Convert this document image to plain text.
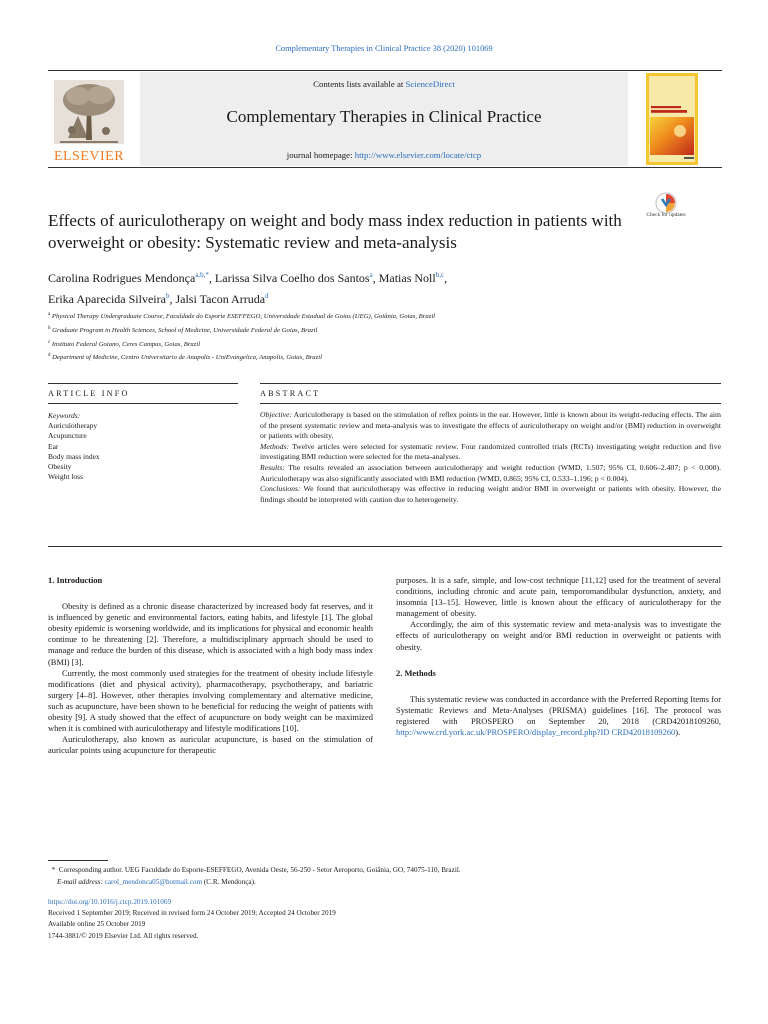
Complementary Therapies in Clinical Practice 38 (2020) 101069
ELSEVIER
Contents lists available at ScienceDirect
Complementary Therapies in Clinical Practice
journal homepage: http://www.elsevier.com/locate/ctcp
Check for updates
Effects of auriculotherapy on weight and body mass index reduction in patients with overweight or obesity: Systematic review and meta-analysis
Carolina Rodrigues Mendonça$^{a,b,*}$, Larissa Silva Coelho dos Santos$^a$, Matias Noll$^{b,c}$,
Erika Aparecida Silveira$^b$, Jalsi Tacon Arruda$^d$
$^a$ Physical Therapy Undergraduate Course, Faculdade do Esporte ESEFFEGO, Universidade Estadual de Goias (UEG), Goiânia, Goias, Brazil
$^b$ Graduate Program in Health Sciences, School of Medicine, Universidade Federal de Goias, Brazil
$^c$ Instituto Federal Goiano, Ceres Campus, Goias, Brazil
$^d$ Department of Medicine, Centro Universitario de Anapolis - UniEvangelica, Anapolis, Goias, Brazil
ARTICLE INFO	ABSTRACT
Keywords:
Auriculotherapy
Acupuncture
Ear
Body mass index
Obesity
Weight loss

Objective: Auriculotherapy is based on the stimulation of reflex points in the ear. However, little is known about its weight-reducing effects. The aim of the present systematic review and meta-analysis was to investigate the effects of auriculotherapy on weight and/or (BMI) reduction in overweight or patients with obesity.

Methods: Twelve articles were selected for systematic review. Four randomized controlled trials (RCTs) investigating weight reduction and five investigating BMI reduction were selected for the meta-analyses.

Results: The results revealed an association between auriculotherapy and weight reduction (WMD, 1.507; 95% CI, 0.606–2.407; p < 0.000). Auriculotherapy was also significantly associated with BMI reduction (WMD, 0.865; 95% CI, 0.533–1.196; p < 0.004).

Conclusions: We found that auriculotherapy was effective in reducing weight and/or BMI in overweight or patients with obesity. However, the findings should be interpreted with caution due to heterogeneity.

1. Introduction

Obesity is defined as a chronic disease characterized by increased body fat reserves, and it is influenced by genetic and environmental factors, eating habits, and lifestyle [1]. The global obesity epidemic is worsening worldwide, and its implications for physical and economic health continue to be threatening [2]. Therefore, a multidisciplinary approach should be used to manage and reduce the burden of this disease, which is associated with a high body mass index (BMI) [3].

Currently, the most commonly used strategies for the treatment of obesity include lifestyle modifications (diet and physical activity), pharmacotherapy, psychotherapy, and bariatric surgery [4–8]. However, other therapies involving complementary and alternative medicine, such as acupuncture, have been shown to be beneficial for reducing the weight of patients with obesity [9]. A study showed that the effect of acupuncture on body weight can be maximized when it is combined with auriculotherapy and lifestyle modifications [10].

Auriculotherapy, also known as auricular acupuncture, is based on the stimulation of auricular points using acupuncture for therapeutic

purposes. It is a safe, simple, and low-cost technique [11,12] used for the treatment of several conditions, including chronic and acute pain, temporomandibular dysfunction, anxiety, and insomnia [13–15]. However, little is known about the efficacy of auriculotherapy for the management of obesity.

Accordingly, the aim of this systematic review and meta-analysis was to investigate the effects of auriculotherapy on weight and/or BMI reduction in overweight or patients with obesity.

2. Methods

This systematic review was conducted in accordance with the Preferred Reporting Items for Systematic Reviews and Meta-Analyses (PRISMA) guidelines [16]. The protocol was registered with PROSPERO on September 20, 2018 (CRD42018109260, http://www.crd.york.ac.uk/PROSPERO/display_record.php?ID CRD42018109260).

* Corresponding author. UEG Faculdade do Esporte-ESEFFEGO, Avenida Oeste, 56-250 - Setor Aeroporto, Goiânia, GO, 74075-110, Brazil.
E-mail address: carol_mendonca05@hotmail.com (C.R. Mendonça).
https://doi.org/10.1016/j.ctcp.2019.101069
Received 1 September 2019; Received in revised form 24 October 2019; Accepted 24 October 2019
Available online 25 October 2019
1744-3881/© 2019 Elsevier Ltd. All rights reserved.
